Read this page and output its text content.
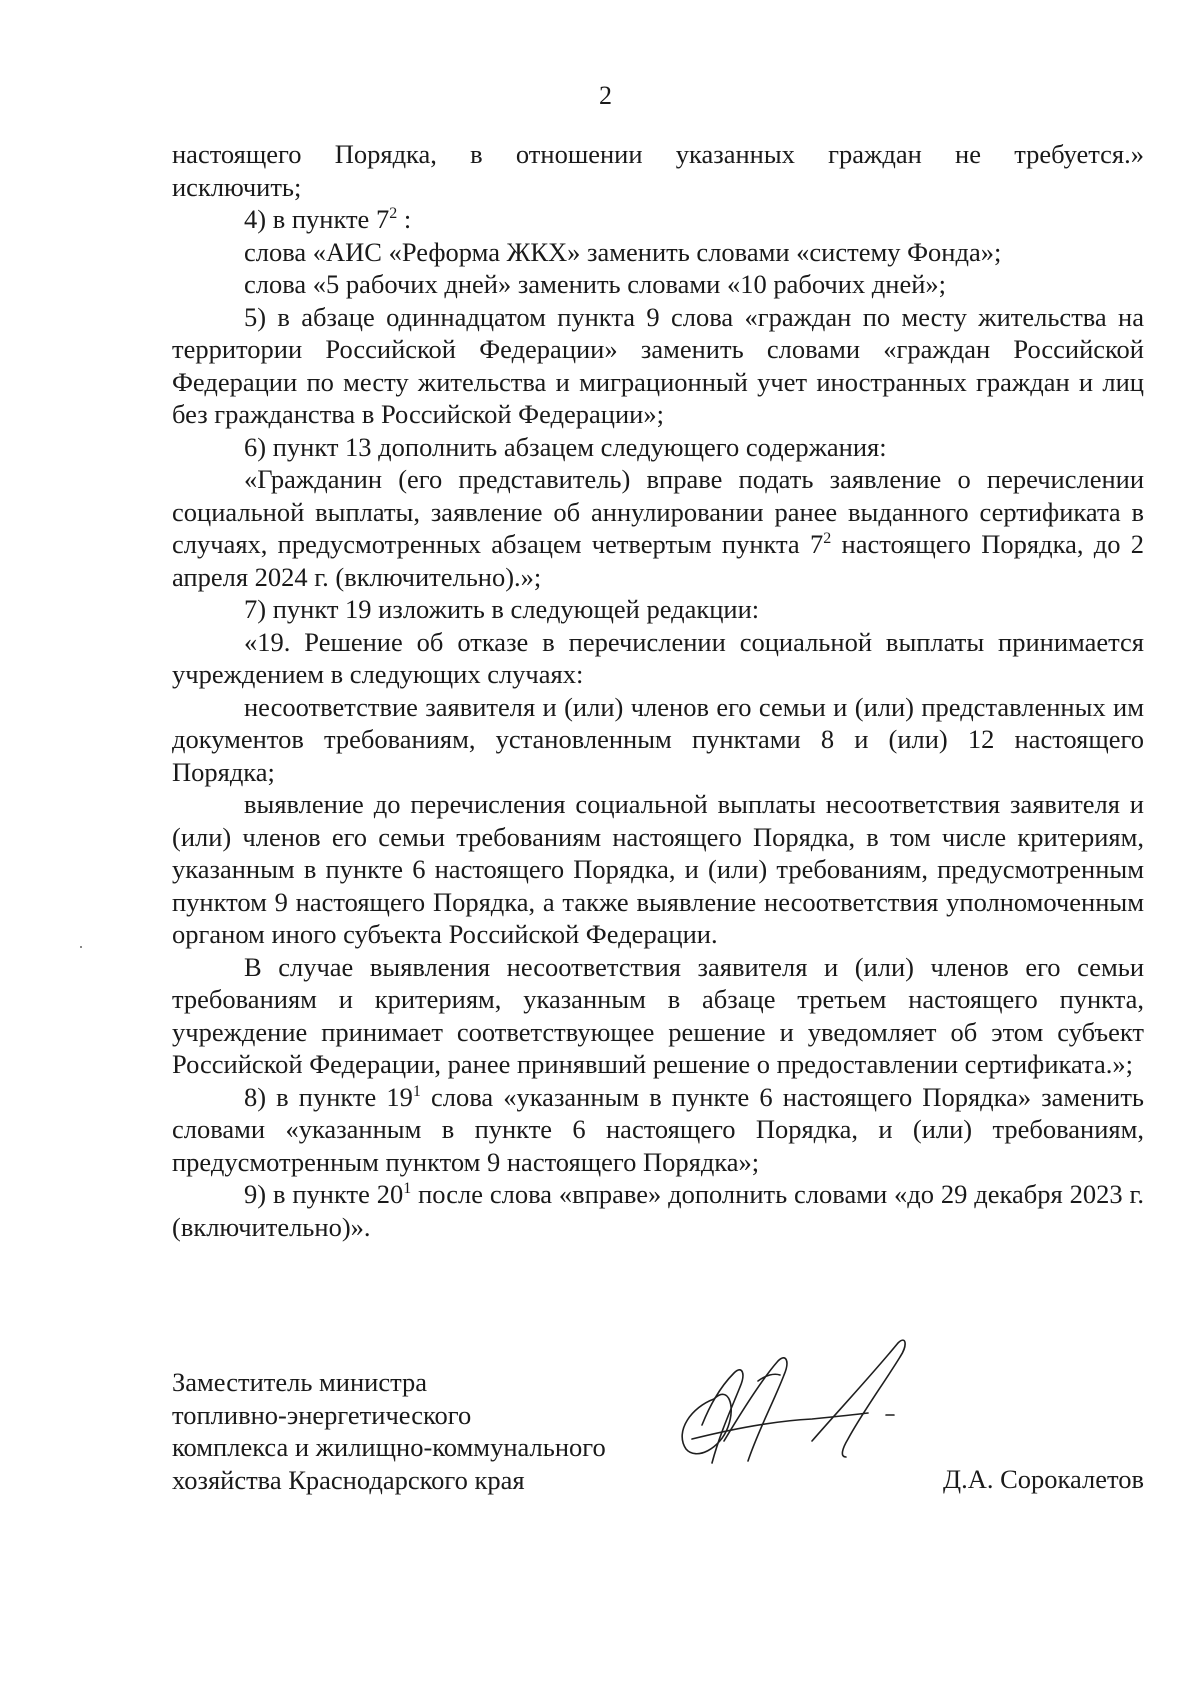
2

настоящего Порядка, в отношении указанных граждан не требуется.»

исключить;

4) в пункте $7^2$ :

слова «АИС «Реформа ЖКХ» заменить словами «систему Фонда»;

слова «5 рабочих дней» заменить словами «10 рабочих дней»;

5) в абзаце одиннадцатом пункта 9 слова «граждан по месту жительства на территории Российской Федерации» заменить словами «граждан Российской Федерации по месту жительства и миграционный учет иностранных граждан и лиц без гражданства в Российской Федерации»;

6) пункт 13 дополнить абзацем следующего содержания:

«Гражданин (его представитель) вправе подать заявление о перечислении социальной выплаты, заявление об аннулировании ранее выданного сертификата в случаях, предусмотренных абзацем четвертым пункта $7^2$ настоящего Порядка, до 2 апреля 2024 г. (включительно).»;

7) пункт 19 изложить в следующей редакции:

«19. Решение об отказе в перечислении социальной выплаты принимается учреждением в следующих случаях:

несоответствие заявителя и (или) членов его семьи и (или) представленных им документов требованиям, установленным пунктами 8 и (или) 12 настоящего Порядка;

выявление до перечисления социальной выплаты несоответствия заявителя и (или) членов его семьи требованиям настоящего Порядка, в том числе критериям, указанным в пункте 6 настоящего Порядка, и (или) требованиям, предусмотренным пунктом 9 настоящего Порядка, а также выявление несоответствия уполномоченным органом иного субъекта Российской Федерации.

В случае выявления несоответствия заявителя и (или) членов его семьи требованиям и критериям, указанным в абзаце третьем настоящего пункта, учреждение принимает соответствующее решение и уведомляет об этом субъект Российской Федерации, ранее принявший решение о предоставлении сертификата.»;

8) в пункте $19^1$ слова «указанным в пункте 6 настоящего Порядка» заменить словами «указанным в пункте 6 настоящего Порядка, и (или) требованиям, предусмотренным пунктом 9 настоящего Порядка»;

9) в пункте $20^1$ после слова «вправе» дополнить словами «до 29 декабря 2023 г. (включительно)».

Заместитель министра
топливно-энергетического
комплекса и жилищно-коммунального
хозяйства Краснодарского края	Д.А. Сорокалетов
